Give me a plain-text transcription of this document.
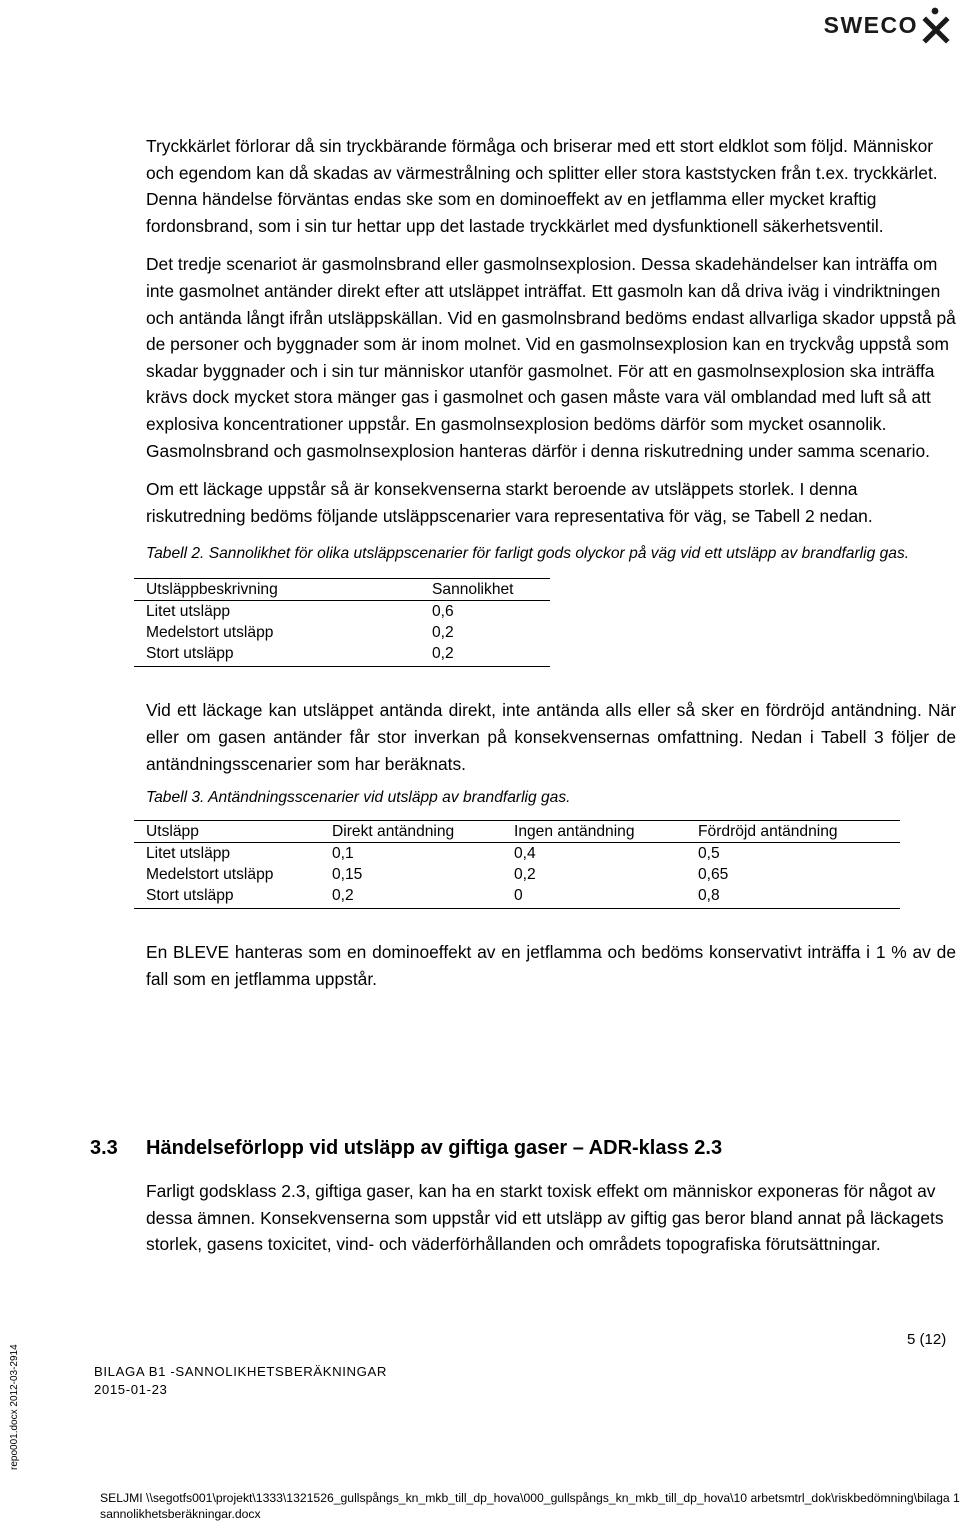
SWECO

Tryckkärlet förlorar då sin tryckbärande förmåga och briserar med ett stort eldklot som följd. Människor och egendom kan då skadas av värmestrålning och splitter eller stora kaststycken från t.ex. tryckkärlet. Denna händelse förväntas endas ske som en dominoeffekt av en jetflamma eller mycket kraftig fordonsbrand, som i sin tur hettar upp det lastade tryckkärlet med dysfunktionell säkerhetsventil.

Det tredje scenariot är gasmolnsbrand eller gasmolnsexplosion. Dessa skadehändelser kan inträffa om inte gasmolnet antänder direkt efter att utsläppet inträffat. Ett gasmoln kan då driva iväg i vindriktningen och antända långt ifrån utsläppskällan. Vid en gasmolnsbrand bedöms endast allvarliga skador uppstå på de personer och byggnader som är inom molnet. Vid en gasmolnsexplosion kan en tryckvåg uppstå som skadar byggnader och i sin tur människor utanför gasmolnet. För att en gasmolnsexplosion ska inträffa krävs dock mycket stora mänger gas i gasmolnet och gasen måste vara väl omblandad med luft så att explosiva koncentrationer uppstår. En gasmolnsexplosion bedöms därför som mycket osannolik. Gasmolnsbrand och gasmolnsexplosion hanteras därför i denna riskutredning under samma scenario.

Om ett läckage uppstår så är konsekvenserna starkt beroende av utsläppets storlek. I denna riskutredning bedöms följande utsläppscenarier vara representativa för väg, se Tabell 2 nedan.

Tabell 2. Sannolikhet för olika utsläppscenarier för farligt gods olyckor på väg vid ett utsläpp av brandfarlig gas.

Utsläppbeskrivning	Sannolikhet
Litet utsläpp	0,6
Medelstort utsläpp	0,2
Stort utsläpp	0,2

Vid ett läckage kan utsläppet antända direkt, inte antända alls eller så sker en fördröjd antändning. När eller om gasen antänder får stor inverkan på konsekvensernas omfattning. Nedan i Tabell 3 följer de antändningsscenarier som har beräknats.

Tabell 3. Antändningsscenarier vid utsläpp av brandfarlig gas.

Utsläpp	Direkt antändning	Ingen antändning	Fördröjd antändning
Litet utsläpp	0,1	0,4	0,5
Medelstort utsläpp	0,15	0,2	0,65
Stort utsläpp	0,2	0	0,8

En BLEVE hanteras som en dominoeffekt av en jetflamma och bedöms konservativt inträffa i 1 % av de fall som en jetflamma uppstår.

3.3	Händelseförlopp vid utsläpp av giftiga gaser – ADR-klass 2.3

Farligt godsklass 2.3, giftiga gaser, kan ha en starkt toxisk effekt om människor exponeras för något av dessa ämnen. Konsekvenserna som uppstår vid ett utsläpp av giftig gas beror bland annat på läckagets storlek, gasens toxicitet, vind- och väderförhållanden och områdets topografiska förutsättningar.

5 (12)
BILAGA B1 -SANNOLIKHETSBERÄKNINGAR
2015-01-23
SELJMI \\segotfs001\projekt\1333\1321526_gullspångs_kn_mkb_till_dp_hova\000_gullspångs_kn_mkb_till_dp_hova\10 arbetsmtrl_dok\riskbedömning\bilaga 1 sannolikhetsberäkningar.docx
repo001.docx 2012-03-2914
